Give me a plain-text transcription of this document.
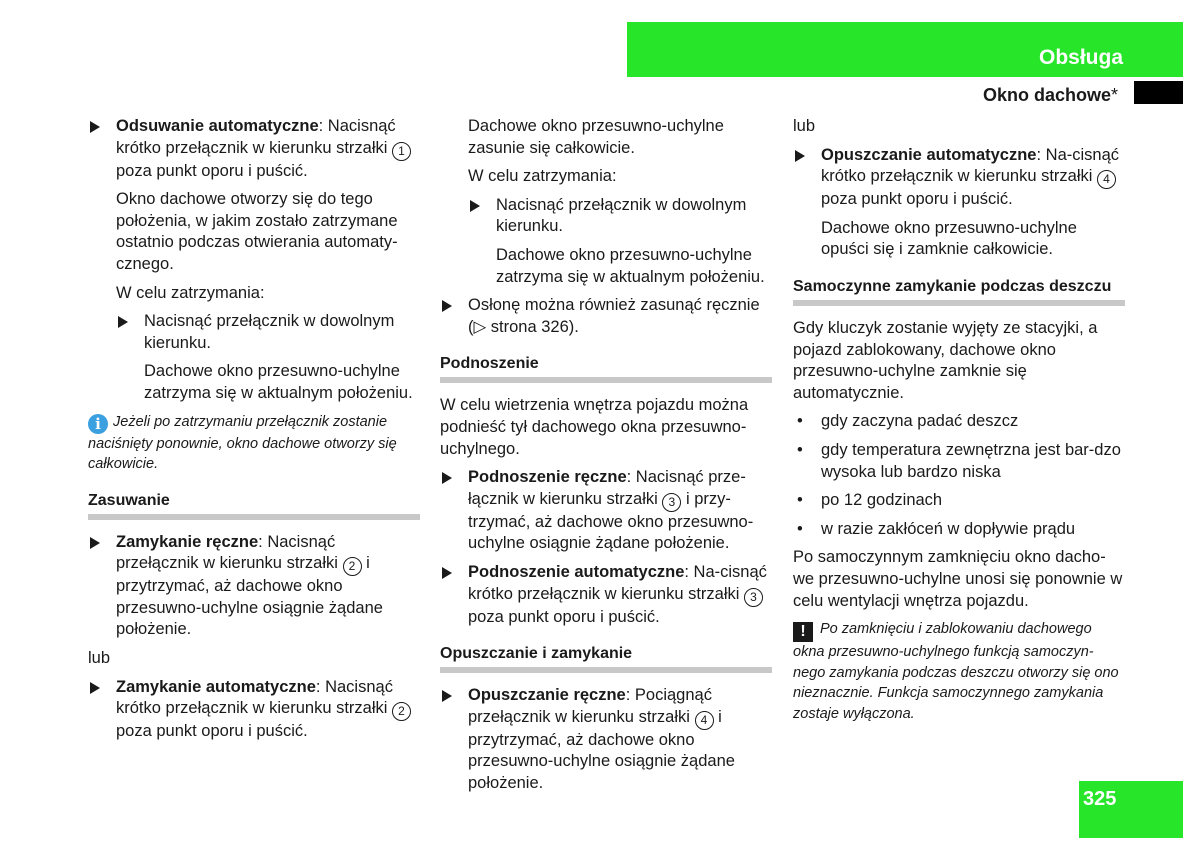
Obsługa
Okno dachowe*
Odsuwanie automatyczne: Nacisnąć krótko przełącznik w kierunku strzałki 1 poza punkt oporu i puścić.

Okno dachowe otworzy się do tego położenia, w jakim zostało zatrzymane ostatnio podczas otwierania automaty-cznego.

W celu zatrzymania:

Nacisnąć przełącznik w dowolnym kierunku.

Dachowe okno przesuwno-uchylne zatrzyma się w aktualnym położeniu.

i Jeżeli po zatrzymaniu przełącznik zostanie naciśnięty ponownie, okno dachowe otworzy się całkowicie.

Zasuwanie
Zamykanie ręczne: Nacisnąć przełącznik w kierunku strzałki 2 i przytrzymać, aż dachowe okno przesuwno-uchylne osiągnie żądane położenie.

lub

Zamykanie automatyczne: Nacisnąć krótko przełącznik w kierunku strzałki 2 poza punkt oporu i puścić.

Dachowe okno przesuwno-uchylne zasunie się całkowicie.

W celu zatrzymania:

Nacisnąć przełącznik w dowolnym kierunku.

Dachowe okno przesuwno-uchylne zatrzyma się w aktualnym położeniu.

Osłonę można również zasunąć ręcznie (▷ strona 326).
Podnoszenie

W celu wietrzenia wnętrza pojazdu można podnieść tył dachowego okna przesuwno-uchylnego.

Podnoszenie ręczne: Nacisnąć prze-łącznik w kierunku strzałki 3 i przy-trzymać, aż dachowe okno przesuwno-uchylne osiągnie żądane położenie.
Podnoszenie automatyczne: Na-cisnąć krótko przełącznik w kierunku strzałki 3 poza punkt oporu i puścić.
Opuszczanie i zamykanie
Opuszczanie ręczne: Pociągnąć przełącznik w kierunku strzałki 4 i przytrzymać, aż dachowe okno przesuwno-uchylne osiągnie żądane położenie.

lub

Opuszczanie automatyczne: Na-cisnąć krótko przełącznik w kierunku strzałki 4 poza punkt oporu i puścić.

Dachowe okno przesuwno-uchylne opuści się i zamknie całkowicie.

Samoczynne zamykanie podczas deszczu

Gdy kluczyk zostanie wyjęty ze stacyjki, a pojazd zablokowany, dachowe okno przesuwno-uchylne zamknie się automatycznie.

• gdy zaczyna padać deszcz
• gdy temperatura zewnętrzna jest bar-dzo wysoka lub bardzo niska
• po 12 godzinach
• w razie zakłóceń w dopływie prądu

Po samoczynnym zamknięciu okno dacho-we przesuwno-uchylne unosi się ponownie w celu wentylacji wnętrza pojazdu.

! Po zamknięciu i zablokowaniu dachowego okna przesuwno-uchylnego funkcją samoczyn-nego zamykania podczas deszczu otworzy się ono nieznacznie. Funkcja samoczynnego zamykania zostaje wyłączona.

325
